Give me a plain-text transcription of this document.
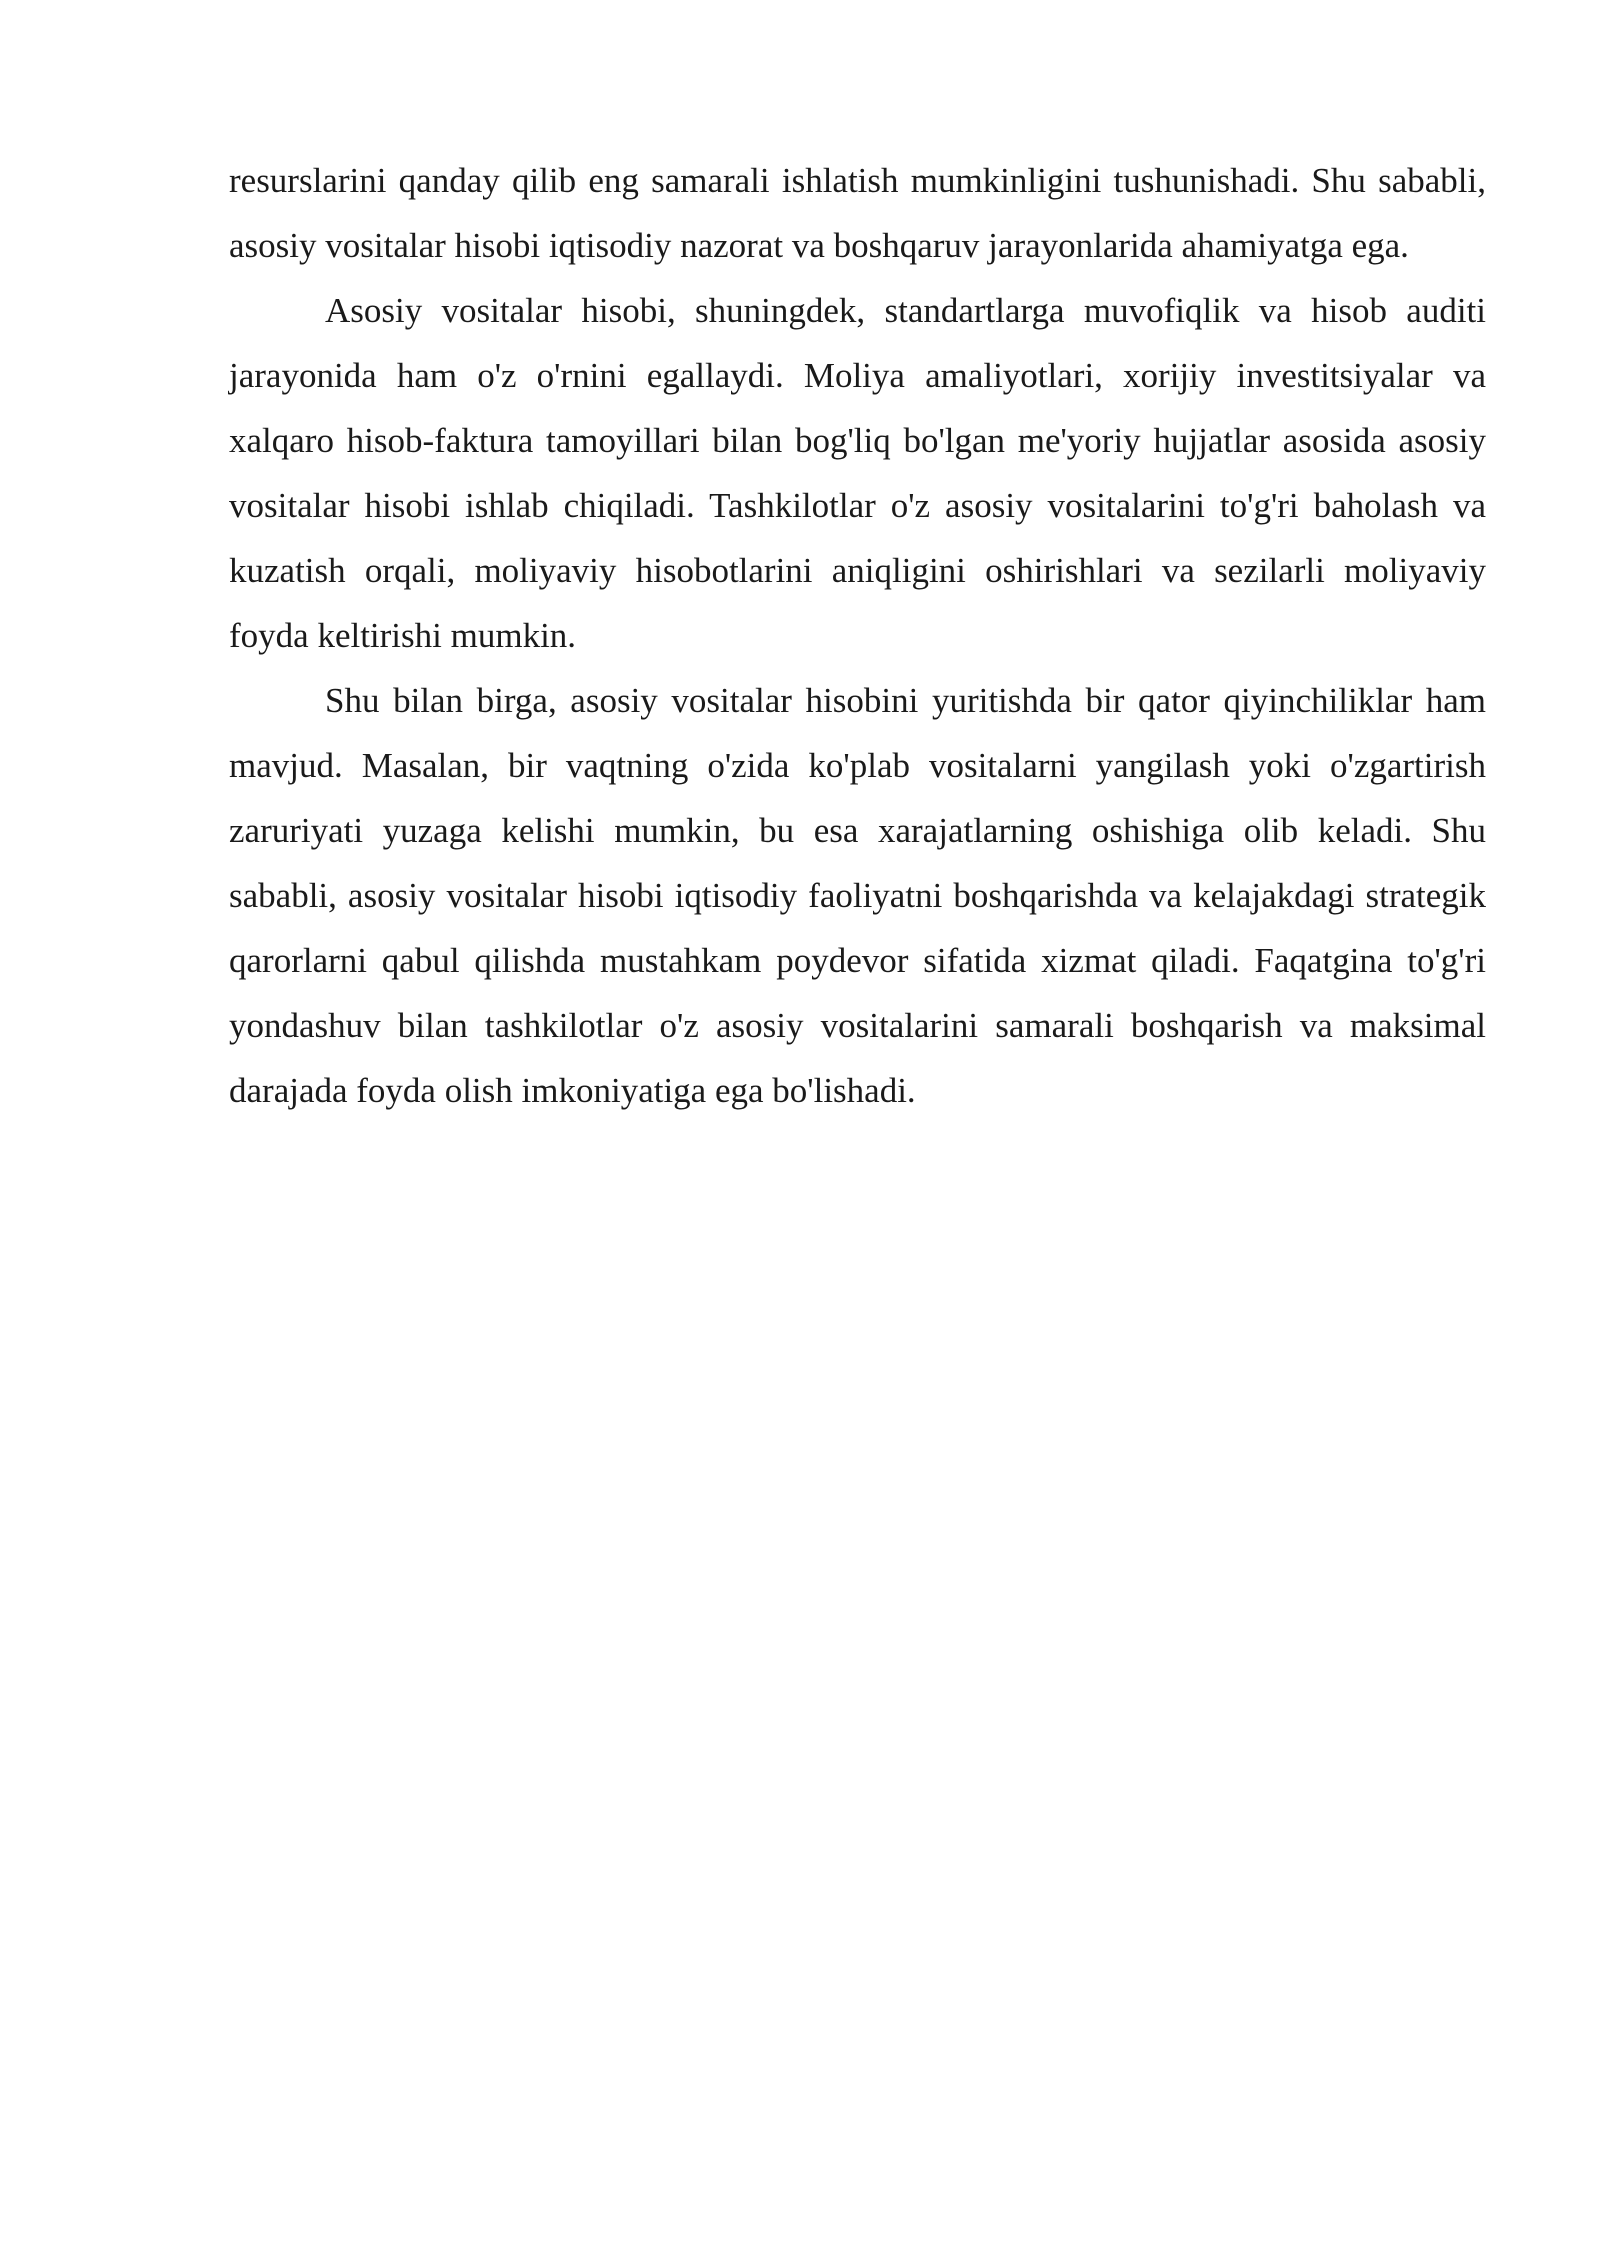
resurslarini qanday qilib eng samarali ishlatish mumkinligini tushunishadi. Shu sababli, asosiy vositalar hisobi iqtisodiy nazorat va boshqaruv jarayonlarida ahamiyatga ega.

Asosiy vositalar hisobi, shuningdek, standartlarga muvofiqlik va hisob auditi jarayonida ham o'z o'rnini egallaydi. Moliya amaliyotlari, xorijiy investitsiyalar va xalqaro hisob-faktura tamoyillari bilan bog'liq bo'lgan me'yoriy hujjatlar asosida asosiy vositalar hisobi ishlab chiqiladi. Tashkilotlar o'z asosiy vositalarini to'g'ri baholash va kuzatish orqali, moliyaviy hisobotlarini aniqligini oshirishlari va sezilarli moliyaviy foyda keltirishi mumkin.

Shu bilan birga, asosiy vositalar hisobini yuritishda bir qator qiyinchiliklar ham mavjud. Masalan, bir vaqtning o'zida ko'plab vositalarni yangilash yoki o'zgartirish zaruriyati yuzaga kelishi mumkin, bu esa xarajatlarning oshishiga olib keladi. Shu sababli, asosiy vositalar hisobi iqtisodiy faoliyatni boshqarishda va kelajakdagi strategik qarorlarni qabul qilishda mustahkam poydevor sifatida xizmat qiladi. Faqatgina to'g'ri yondashuv bilan tashkilotlar o'z asosiy vositalarini samarali boshqarish va maksimal darajada foyda olish imkoniyatiga ega bo'lishadi.
